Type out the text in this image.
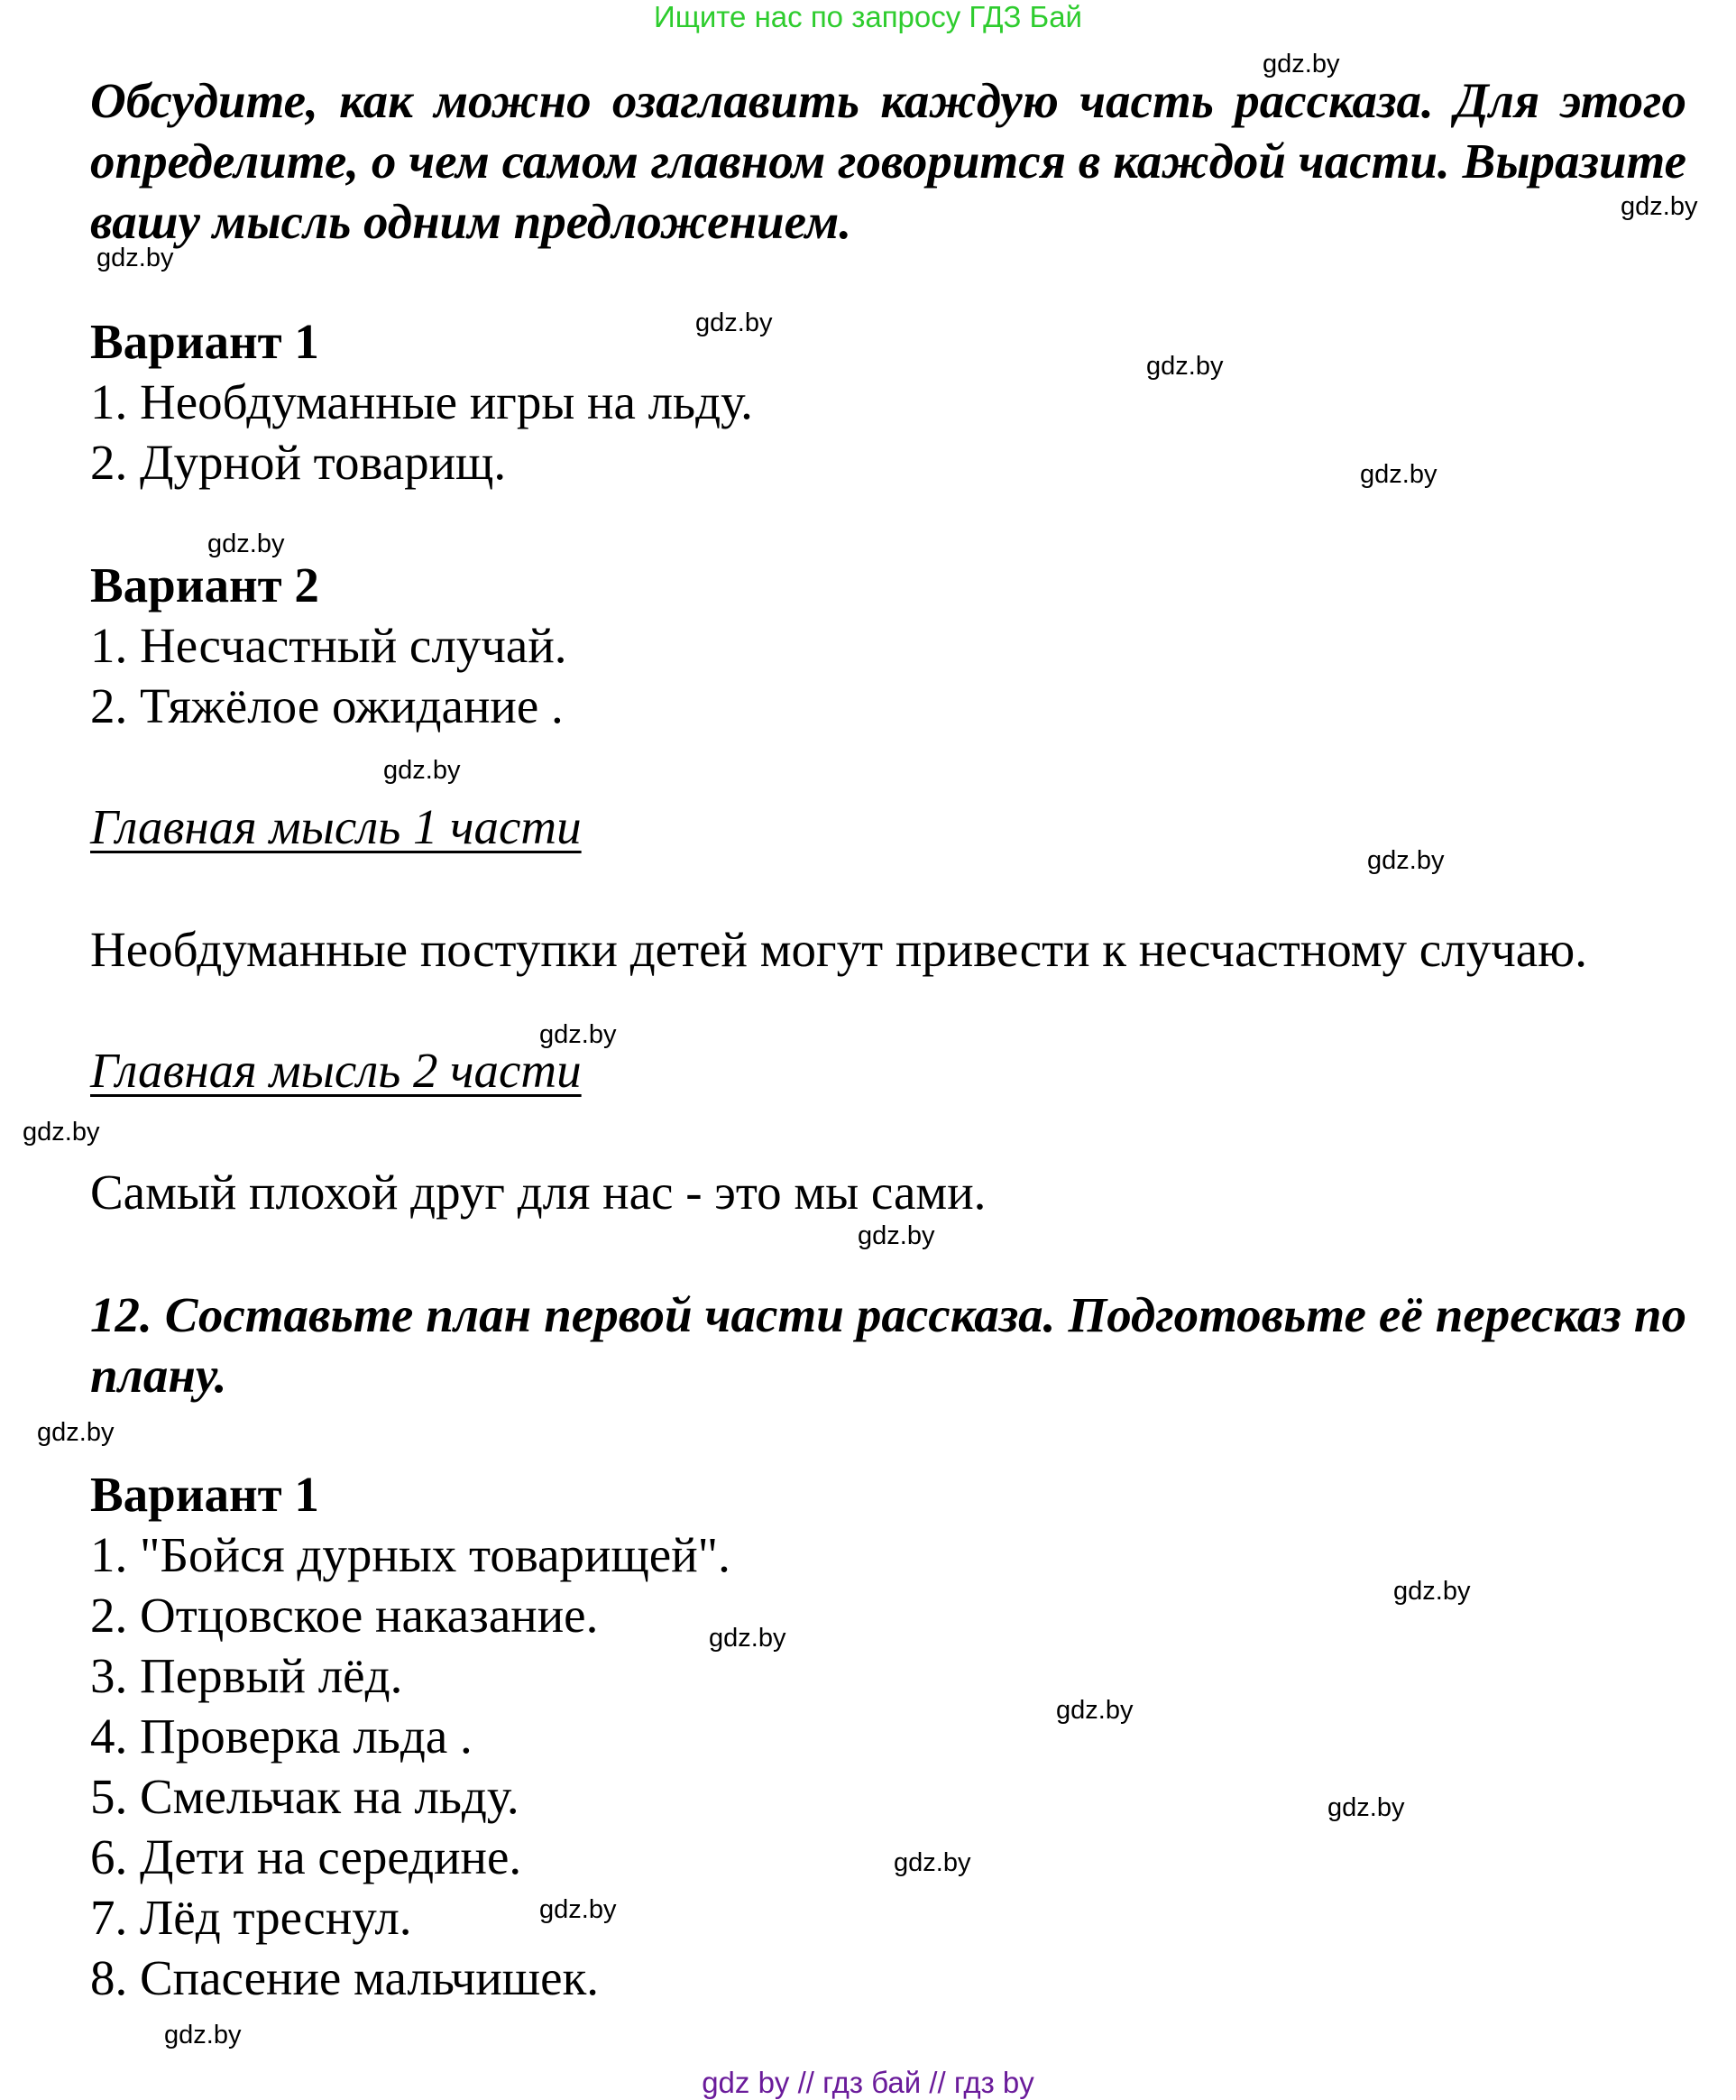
Ищите нас по запросу ГДЗ Бай
Обсудите, как можно озаглавить каждую часть рассказа. Для этого определите, о чем самом главном говорится в каждой части. Выразите вашу мысль одним предложением.
Вариант 1
1. Необдуманные игры на льду.
2. Дурной товарищ.
Вариант 2
1. Несчастный случай.
2. Тяжёлое ожидание .
Главная мысль 1 части
Необдуманные поступки детей могут привести к несчастному случаю.
Главная мысль 2 части
Самый плохой друг для нас - это мы сами.
12. Составьте план первой части рассказа. Подготовьте её пересказ по плану.
Вариант 1
1. "Бойся дурных товарищей".
2. Отцовское наказание.
3. Первый лёд.
4. Проверка льда .
5. Смельчак на льду.
6. Дети на середине.
7. Лёд треснул.
8. Спасение мальчишек.
gdz.by
gdz.by
gdz.by
gdz.by
gdz.by
gdz.by
gdz.by
gdz.by
gdz.by
gdz.by
gdz.by
gdz.by
gdz.by
gdz.by
gdz.by
gdz.by
gdz.by
gdz.by
gdz.by
gdz.by
gdz by // гдз бай // гдз by
